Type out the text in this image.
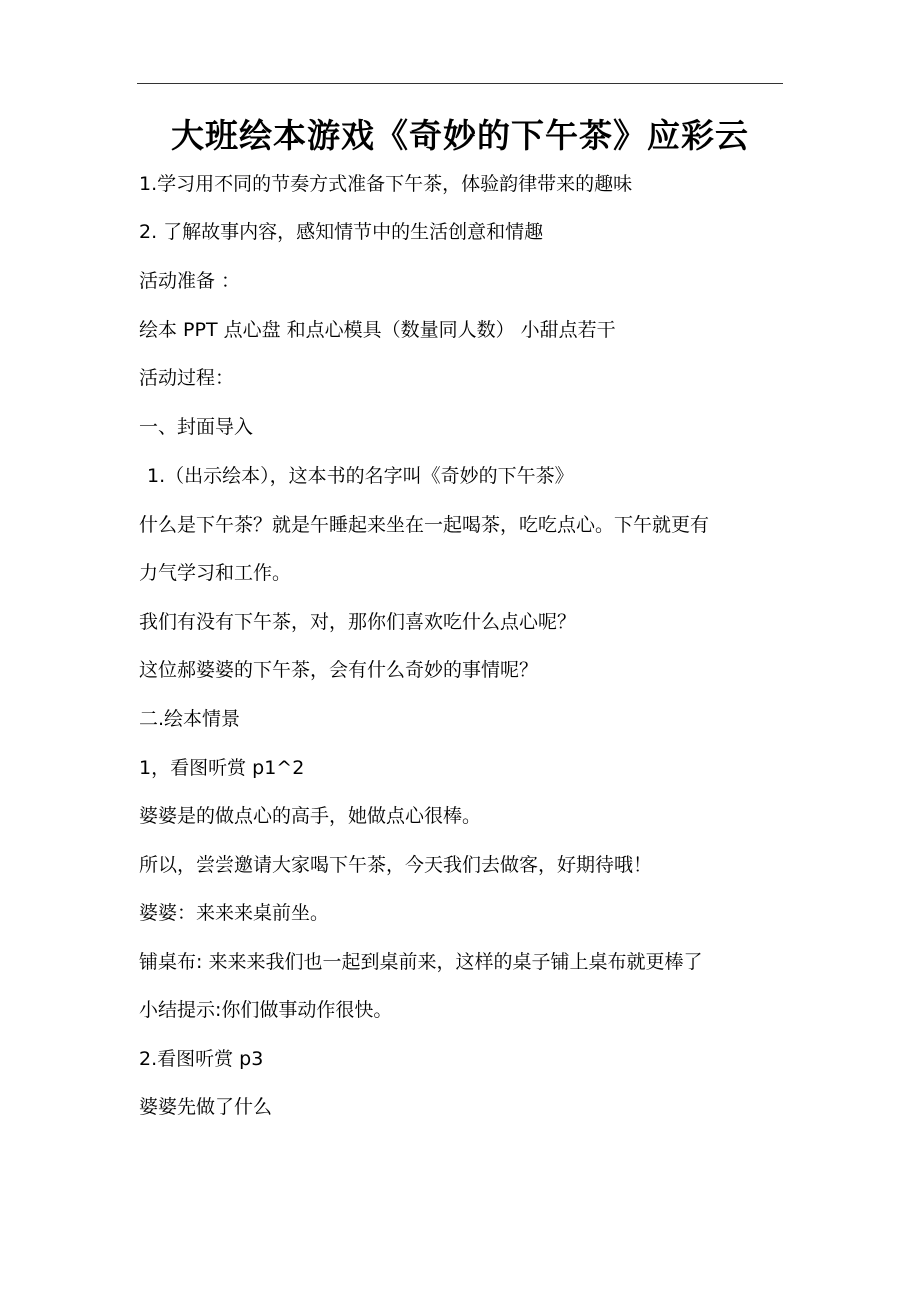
大班绘本游戏《奇妙的下午茶》应彩云

1.学习用不同的节奏方式准备下午茶，体验韵律带来的趣味

2. 了解故事内容，感知情节中的生活创意和情趣

活动准备 ：

绘本 PPT 点心盘 和点心模具（数量同人数） 小甜点若干

活动过程：

一、封面导入

1.（出示绘本），这本书的名字叫《奇妙的下午茶》

什么是下午茶？就是午睡起来坐在一起喝茶，吃吃点心。下午就更有

力气学习和工作。

我们有没有下午茶，对，那你们喜欢吃什么点心呢？

这位郝婆婆的下午茶，会有什么奇妙的事情呢？

二.绘本情景

1，看图听赏 p1^2

婆婆是的做点心的高手，她做点心很棒。

所以，尝尝邀请大家喝下午茶，今天我们去做客，好期待哦！

婆婆：来来来桌前坐。

铺桌布: 来来来我们也一起到桌前来，这样的桌子铺上桌布就更棒了

小结提示:你们做事动作很快。

2.看图听赏 p3

婆婆先做了什么
